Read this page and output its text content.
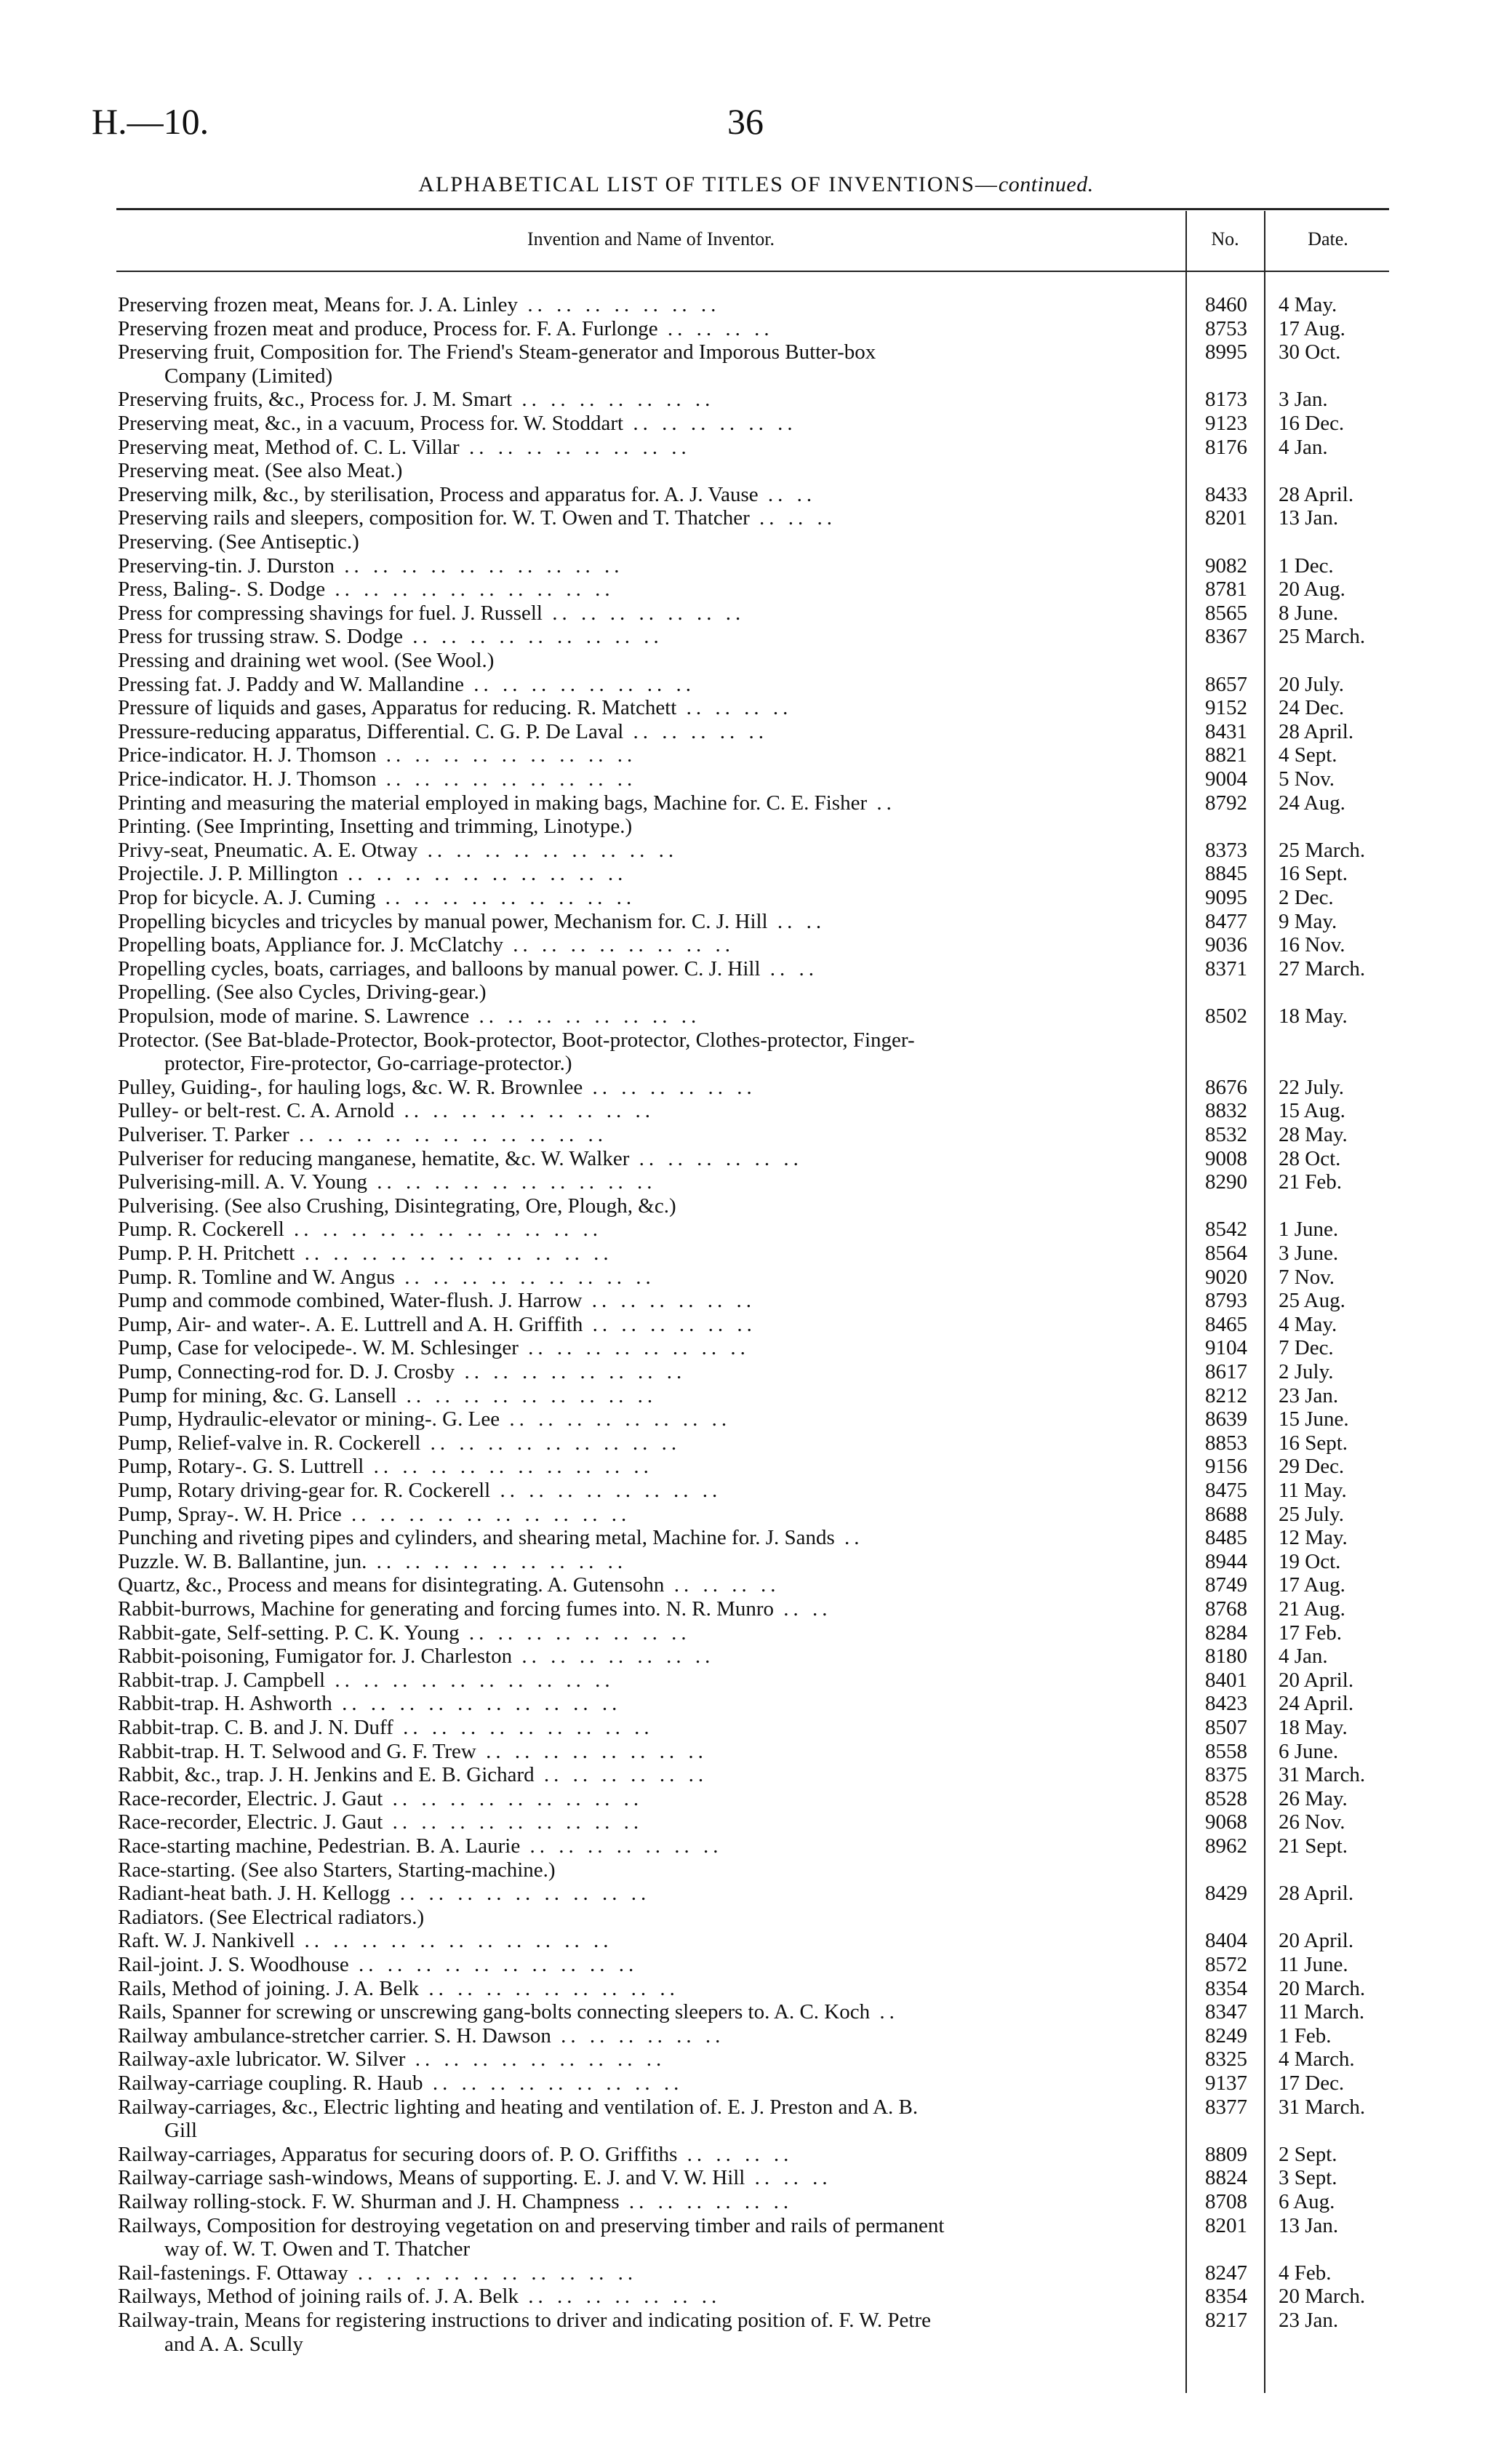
H.—10.	36
ALPHABETICAL LIST OF TITLES OF INVENTIONS—continued.
Invention and Name of Inventor.	No.	Date.
Preserving frozen meat, Means for. J. A. Linley .. .. .. .. .. .. ..	8460	4 May.
Preserving frozen meat and produce, Process for. F. A. Furlonge .. .. .. ..	8753	17 Aug.
Preserving fruit, Composition for. The Friend's Steam-generator and Imporous Butter-box
Company (Limited)
8995	30 Oct.
Preserving fruits, &c., Process for. J. M. Smart .. .. .. .. .. .. ..	8173	3 Jan.
Preserving meat, &c., in a vacuum, Process for. W. Stoddart .. .. .. .. .. ..	9123	16 Dec.
Preserving meat, Method of. C. L. Villar .. .. .. .. .. .. .. ..	8176	4 Jan.
Preserving meat. (See also Meat.)
Preserving milk, &c., by sterilisation, Process and apparatus for. A. J. Vause .. ..	8433	28 April.
Preserving rails and sleepers, composition for. W. T. Owen and T. Thatcher .. .. ..	8201	13 Jan.
Preserving. (See Antiseptic.)
Preserving-tin. J. Durston .. .. .. .. .. .. .. .. .. ..	9082	1 Dec.
Press, Baling-. S. Dodge .. .. .. .. .. .. .. .. .. ..	8781	20 Aug.
Press for compressing shavings for fuel. J. Russell .. .. .. .. .. .. ..	8565	8 June.
Press for trussing straw. S. Dodge .. .. .. .. .. .. .. .. ..	8367	25 March.
Pressing and draining wet wool. (See Wool.)
Pressing fat. J. Paddy and W. Mallandine .. .. .. .. .. .. .. ..	8657	20 July.
Pressure of liquids and gases, Apparatus for reducing. R. Matchett .. .. .. ..	9152	24 Dec.
Pressure-reducing apparatus, Differential. C. G. P. De Laval .. .. .. .. ..	8431	28 April.
Price-indicator. H. J. Thomson .. .. .. .. .. .. .. .. ..	8821	4 Sept.
Price-indicator. H. J. Thomson .. .. .. .. .. .. .. .. ..	9004	5 Nov.
Printing and measuring the material employed in making bags, Machine for. C. E. Fisher ..	8792	24 Aug.
Printing. (See Imprinting, Insetting and trimming, Linotype.)
Privy-seat, Pneumatic. A. E. Otway .. .. .. .. .. .. .. .. ..	8373	25 March.
Projectile. J. P. Millington .. .. .. .. .. .. .. .. .. ..	8845	16 Sept.
Prop for bicycle. A. J. Cuming .. .. .. .. .. .. .. .. ..	9095	2 Dec.
Propelling bicycles and tricycles by manual power, Mechanism for. C. J. Hill .. ..	8477	9 May.
Propelling boats, Appliance for. J. McClatchy .. .. .. .. .. .. .. ..	9036	16 Nov.
Propelling cycles, boats, carriages, and balloons by manual power. C. J. Hill .. ..	8371	27 March.
Propelling. (See also Cycles, Driving-gear.)
Propulsion, mode of marine. S. Lawrence .. .. .. .. .. .. .. ..	8502	18 May.
Protector. (See Bat-blade-Protector, Book-protector, Boot-protector, Clothes-protector, Finger-
protector, Fire-protector, Go-carriage-protector.)
Pulley, Guiding-, for hauling logs, &c. W. R. Brownlee .. .. .. .. .. ..	8676	22 July.
Pulley- or belt-rest. C. A. Arnold .. .. .. .. .. .. .. .. ..	8832	15 Aug.
Pulveriser. T. Parker .. .. .. .. .. .. .. .. .. .. ..	8532	28 May.
Pulveriser for reducing manganese, hematite, &c. W. Walker .. .. .. .. .. ..	9008	28 Oct.
Pulverising-mill. A. V. Young .. .. .. .. .. .. .. .. .. ..	8290	21 Feb.
Pulverising. (See also Crushing, Disintegrating, Ore, Plough, &c.)
Pump. R. Cockerell .. .. .. .. .. .. .. .. .. .. ..	8542	1 June.
Pump. P. H. Pritchett .. .. .. .. .. .. .. .. .. .. ..	8564	3 June.
Pump. R. Tomline and W. Angus .. .. .. .. .. .. .. .. ..	9020	7 Nov.
Pump and commode combined, Water-flush. J. Harrow .. .. .. .. .. ..	8793	25 Aug.
Pump, Air- and water-. A. E. Luttrell and A. H. Griffith .. .. .. .. .. ..	8465	4 May.
Pump, Case for velocipede-. W. M. Schlesinger .. .. .. .. .. .. .. ..	9104	7 Dec.
Pump, Connecting-rod for. D. J. Crosby .. .. .. .. .. .. .. ..	8617	2 July.
Pump for mining, &c. G. Lansell .. .. .. .. .. .. .. .. ..	8212	23 Jan.
Pump, Hydraulic-elevator or mining-. G. Lee .. .. .. .. .. .. .. ..	8639	15 June.
Pump, Relief-valve in. R. Cockerell .. .. .. .. .. .. .. .. ..	8853	16 Sept.
Pump, Rotary-. G. S. Luttrell .. .. .. .. .. .. .. .. .. ..	9156	29 Dec.
Pump, Rotary driving-gear for. R. Cockerell .. .. .. .. .. .. .. ..	8475	11 May.
Pump, Spray-. W. H. Price .. .. .. .. .. .. .. .. .. ..	8688	25 July.
Punching and riveting pipes and cylinders, and shearing metal, Machine for. J. Sands ..	8485	12 May.
Puzzle. W. B. Ballantine, jun. .. .. .. .. .. .. .. .. ..	8944	19 Oct.
Quartz, &c., Process and means for disintegrating. A. Gutensohn .. .. .. ..	8749	17 Aug.
Rabbit-burrows, Machine for generating and forcing fumes into. N. R. Munro .. ..	8768	21 Aug.
Rabbit-gate, Self-setting. P. C. K. Young .. .. .. .. .. .. .. ..	8284	17 Feb.
Rabbit-poisoning, Fumigator for. J. Charleston .. .. .. .. .. .. ..	8180	4 Jan.
Rabbit-trap. J. Campbell .. .. .. .. .. .. .. .. .. ..	8401	20 April.
Rabbit-trap. H. Ashworth .. .. .. .. .. .. .. .. .. ..	8423	24 April.
Rabbit-trap. C. B. and J. N. Duff .. .. .. .. .. .. .. .. ..	8507	18 May.
Rabbit-trap. H. T. Selwood and G. F. Trew .. .. .. .. .. .. .. ..	8558	6 June.
Rabbit, &c., trap. J. H. Jenkins and E. B. Gichard .. .. .. .. .. ..	8375	31 March.
Race-recorder, Electric. J. Gaut .. .. .. .. .. .. .. .. ..	8528	26 May.
Race-recorder, Electric. J. Gaut .. .. .. .. .. .. .. .. ..	9068	26 Nov.
Race-starting machine, Pedestrian. B. A. Laurie .. .. .. .. .. .. ..	8962	21 Sept.
Race-starting. (See also Starters, Starting-machine.)
Radiant-heat bath. J. H. Kellogg .. .. .. .. .. .. .. .. ..	8429	28 April.
Radiators. (See Electrical radiators.)
Raft. W. J. Nankivell .. .. .. .. .. .. .. .. .. .. ..	8404	20 April.
Rail-joint. J. S. Woodhouse .. .. .. .. .. .. .. .. .. ..	8572	11 June.
Rails, Method of joining. J. A. Belk .. .. .. .. .. .. .. .. ..	8354	20 March.
Rails, Spanner for screwing or unscrewing gang-bolts connecting sleepers to. A. C. Koch ..	8347	11 March.
Railway ambulance-stretcher carrier. S. H. Dawson .. .. .. .. .. ..	8249	1 Feb.
Railway-axle lubricator. W. Silver .. .. .. .. .. .. .. .. ..	8325	4 March.
Railway-carriage coupling. R. Haub .. .. .. .. .. .. .. .. ..	9137	17 Dec.
Railway-carriages, &c., Electric lighting and heating and ventilation of. E. J. Preston and A. B.
Gill
8377	31 March.
Railway-carriages, Apparatus for securing doors of. P. O. Griffiths .. .. .. ..	8809	2 Sept.
Railway-carriage sash-windows, Means of supporting. E. J. and V. W. Hill .. .. ..	8824	3 Sept.
Railway rolling-stock. F. W. Shurman and J. H. Champness .. .. .. .. .. ..	8708	6 Aug.
Railways, Composition for destroying vegetation on and preserving timber and rails of permanent
way of. W. T. Owen and T. Thatcher
8201	13 Jan.
Rail-fastenings. F. Ottaway .. .. .. .. .. .. .. .. .. ..	8247	4 Feb.
Railways, Method of joining rails of. J. A. Belk .. .. .. .. .. .. ..	8354	20 March.
Railway-train, Means for registering instructions to driver and indicating position of. F. W. Petre
and A. A. Scully
8217	23 Jan.
